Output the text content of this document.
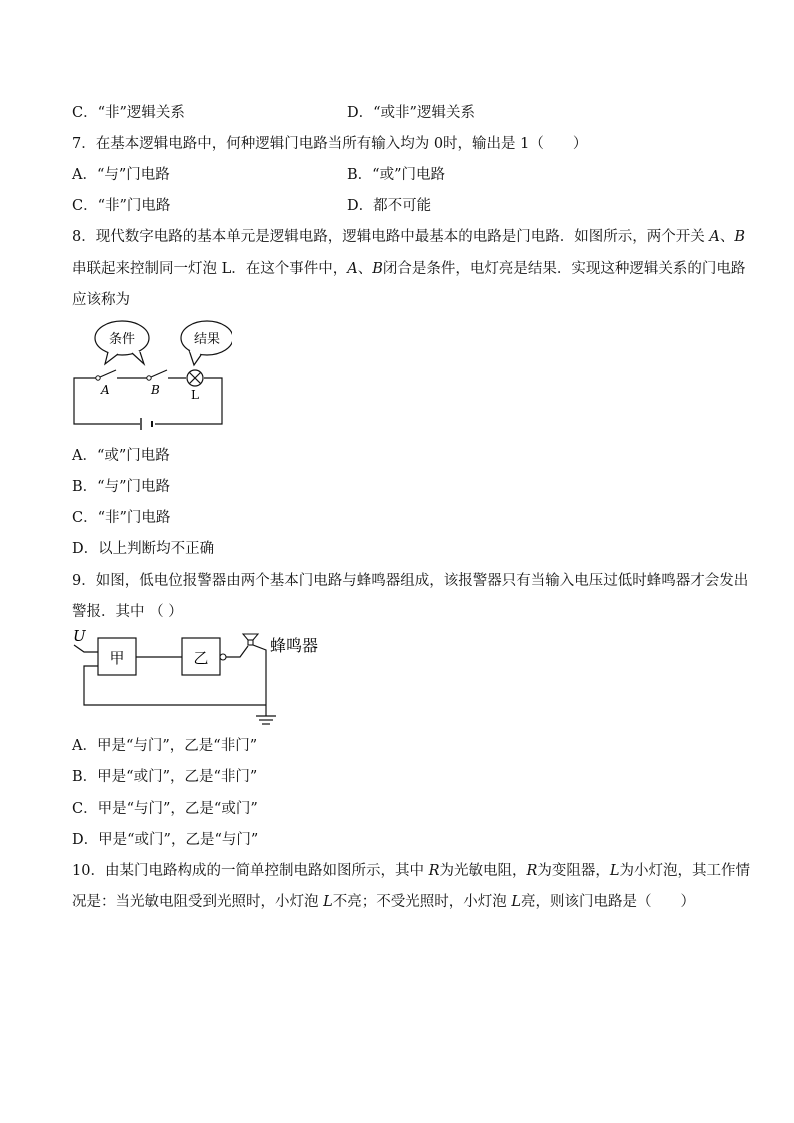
C．“非”逻辑关系	D．“或非”逻辑关系
7．在基本逻辑电路中，何种逻辑门电路当所有输入均为 0时，输出是 1（　　）
A．“与”门电路	B．“或”门电路
C．“非”门电路	D．都不可能
8．现代数字电路的基本单元是逻辑电路，逻辑电路中最基本的电路是门电路．如图所示，两个开关 A、B
串联起来控制同一灯泡 L．在这个事件中，A、B闭合是条件，电灯亮是结果．实现这种逻辑关系的门电路
应该称为
条件	结果
A	B	L
A．“或”门电路
B．“与”门电路
C．“非”门电路
D．以上判断均不正确
9．如图，低电位报警器由两个基本门电路与蜂鸣器组成，该报警器只有当输入电压过低时蜂鸣器才会发出
警报．其中 （ ）
U
甲	乙
蜂鸣器
A．甲是“与门”，乙是“非门”
B．甲是“或门”，乙是“非门”
C．甲是“与门”，乙是“或门”
D．甲是“或门”，乙是“与门”
10．由某门电路构成的一简单控制电路如图所示，其中 R为光敏电阻，R为变阻器，L为小灯泡，其工作情
况是：当光敏电阻受到光照时，小灯泡 L不亮；不受光照时，小灯泡 L亮，则该门电路是（　　）
